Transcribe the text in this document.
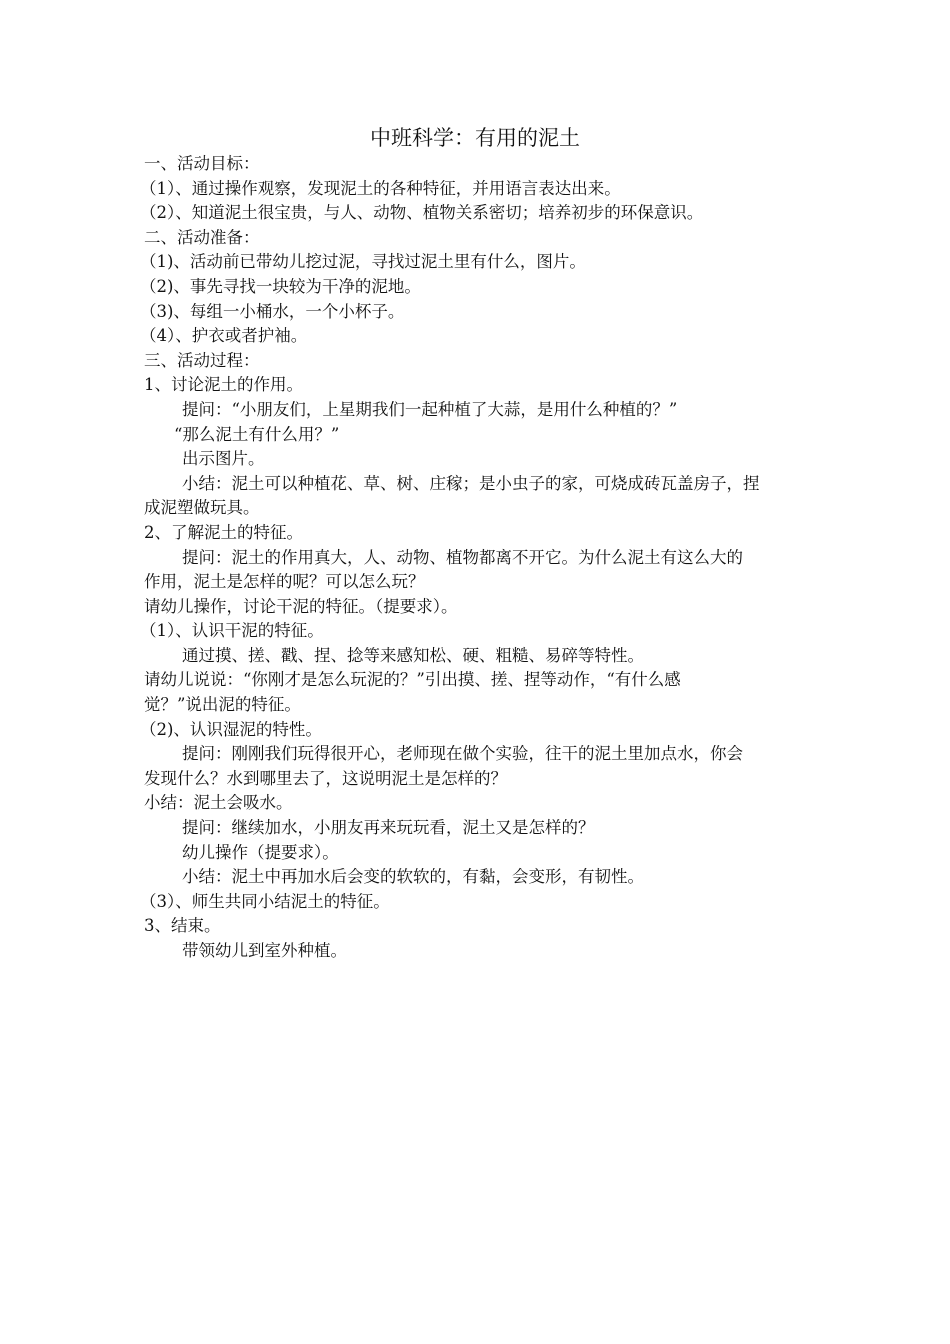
中班科学：有用的泥土
一、活动目标：
（1）、通过操作观察，发现泥土的各种特征，并用语言表达出来。
（2）、知道泥土很宝贵，与人、动物、植物关系密切；培养初步的环保意识。
二、活动准备：
（1)、活动前已带幼儿挖过泥，寻找过泥土里有什么，图片。
（2)、事先寻找一块较为干净的泥地。
（3)、每组一小桶水，一个小杯子。
（4）、护衣或者护袖。
三、活动过程：
1、讨论泥土的作用。
提问：“小朋友们，上星期我们一起种植了大蒜，是用什么种植的？”
“那么泥土有什么用？”
出示图片。
小结：泥土可以种植花、草、树、庄稼；是小虫子的家，可烧成砖瓦盖房子，捏
成泥塑做玩具。
2、了解泥土的特征。
提问：泥土的作用真大，人、动物、植物都离不开它。为什么泥土有这么大的
作用，泥土是怎样的呢？可以怎么玩？
请幼儿操作，讨论干泥的特征。（提要求）。
（1）、认识干泥的特征。
通过摸、搓、戳、捏、捻等来感知松、硬、粗糙、易碎等特性。
请幼儿说说：“你刚才是怎么玩泥的？”引出摸、搓、捏等动作，“有什么感
觉？”说出泥的特征。
（2)、认识湿泥的特性。
提问：刚刚我们玩得很开心，老师现在做个实验，往干的泥土里加点水，你会
发现什么？水到哪里去了，这说明泥土是怎样的？
小结：泥土会吸水。
提问：继续加水，小朋友再来玩玩看，泥土又是怎样的？
幼儿操作（提要求）。
小结：泥土中再加水后会变的软软的，有黏，会变形，有韧性。
（3）、师生共同小结泥土的特征。
3、结束。
带领幼儿到室外种植。
